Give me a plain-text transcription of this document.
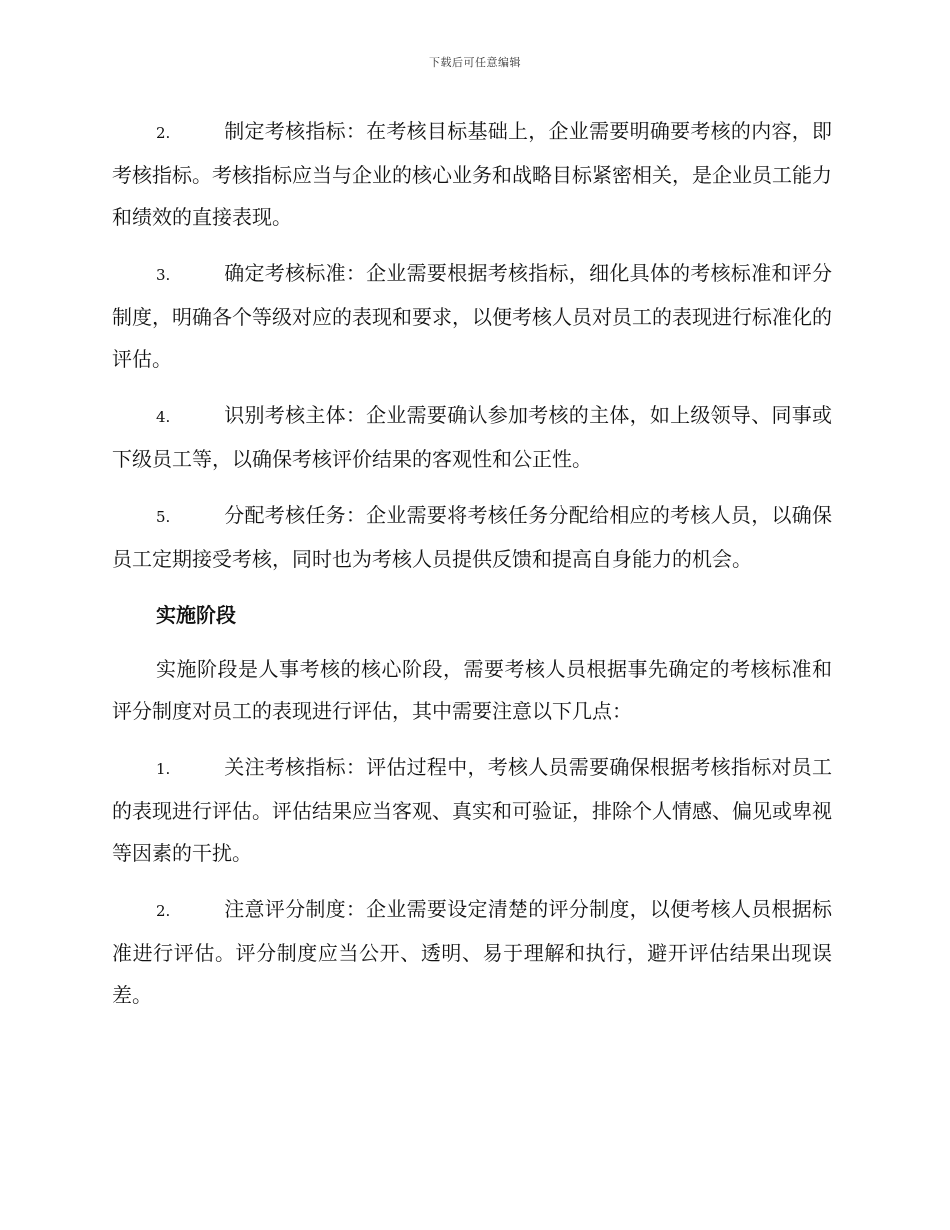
下载后可任意编辑

2.	制定考核指标：在考核目标基础上，企业需要明确要考核的内容，即考核指标。考核指标应当与企业的核心业务和战略目标紧密相关，是企业员工能力和绩效的直接表现。

3.	确定考核标准：企业需要根据考核指标，细化具体的考核标准和评分制度，明确各个等级对应的表现和要求，以便考核人员对员工的表现进行标准化的评估。

4.	识别考核主体：企业需要确认参加考核的主体，如上级领导、同事或下级员工等，以确保考核评价结果的客观性和公正性。

5.	分配考核任务：企业需要将考核任务分配给相应的考核人员，以确保员工定期接受考核，同时也为考核人员提供反馈和提高自身能力的机会。

实施阶段

实施阶段是人事考核的核心阶段，需要考核人员根据事先确定的考核标准和评分制度对员工的表现进行评估，其中需要注意以下几点：

1.	关注考核指标：评估过程中，考核人员需要确保根据考核指标对员工的表现进行评估。评估结果应当客观、真实和可验证，排除个人情感、偏见或卑视等因素的干扰。

2.	注意评分制度：企业需要设定清楚的评分制度，以便考核人员根据标准进行评估。评分制度应当公开、透明、易于理解和执行，避开评估结果出现误差。
